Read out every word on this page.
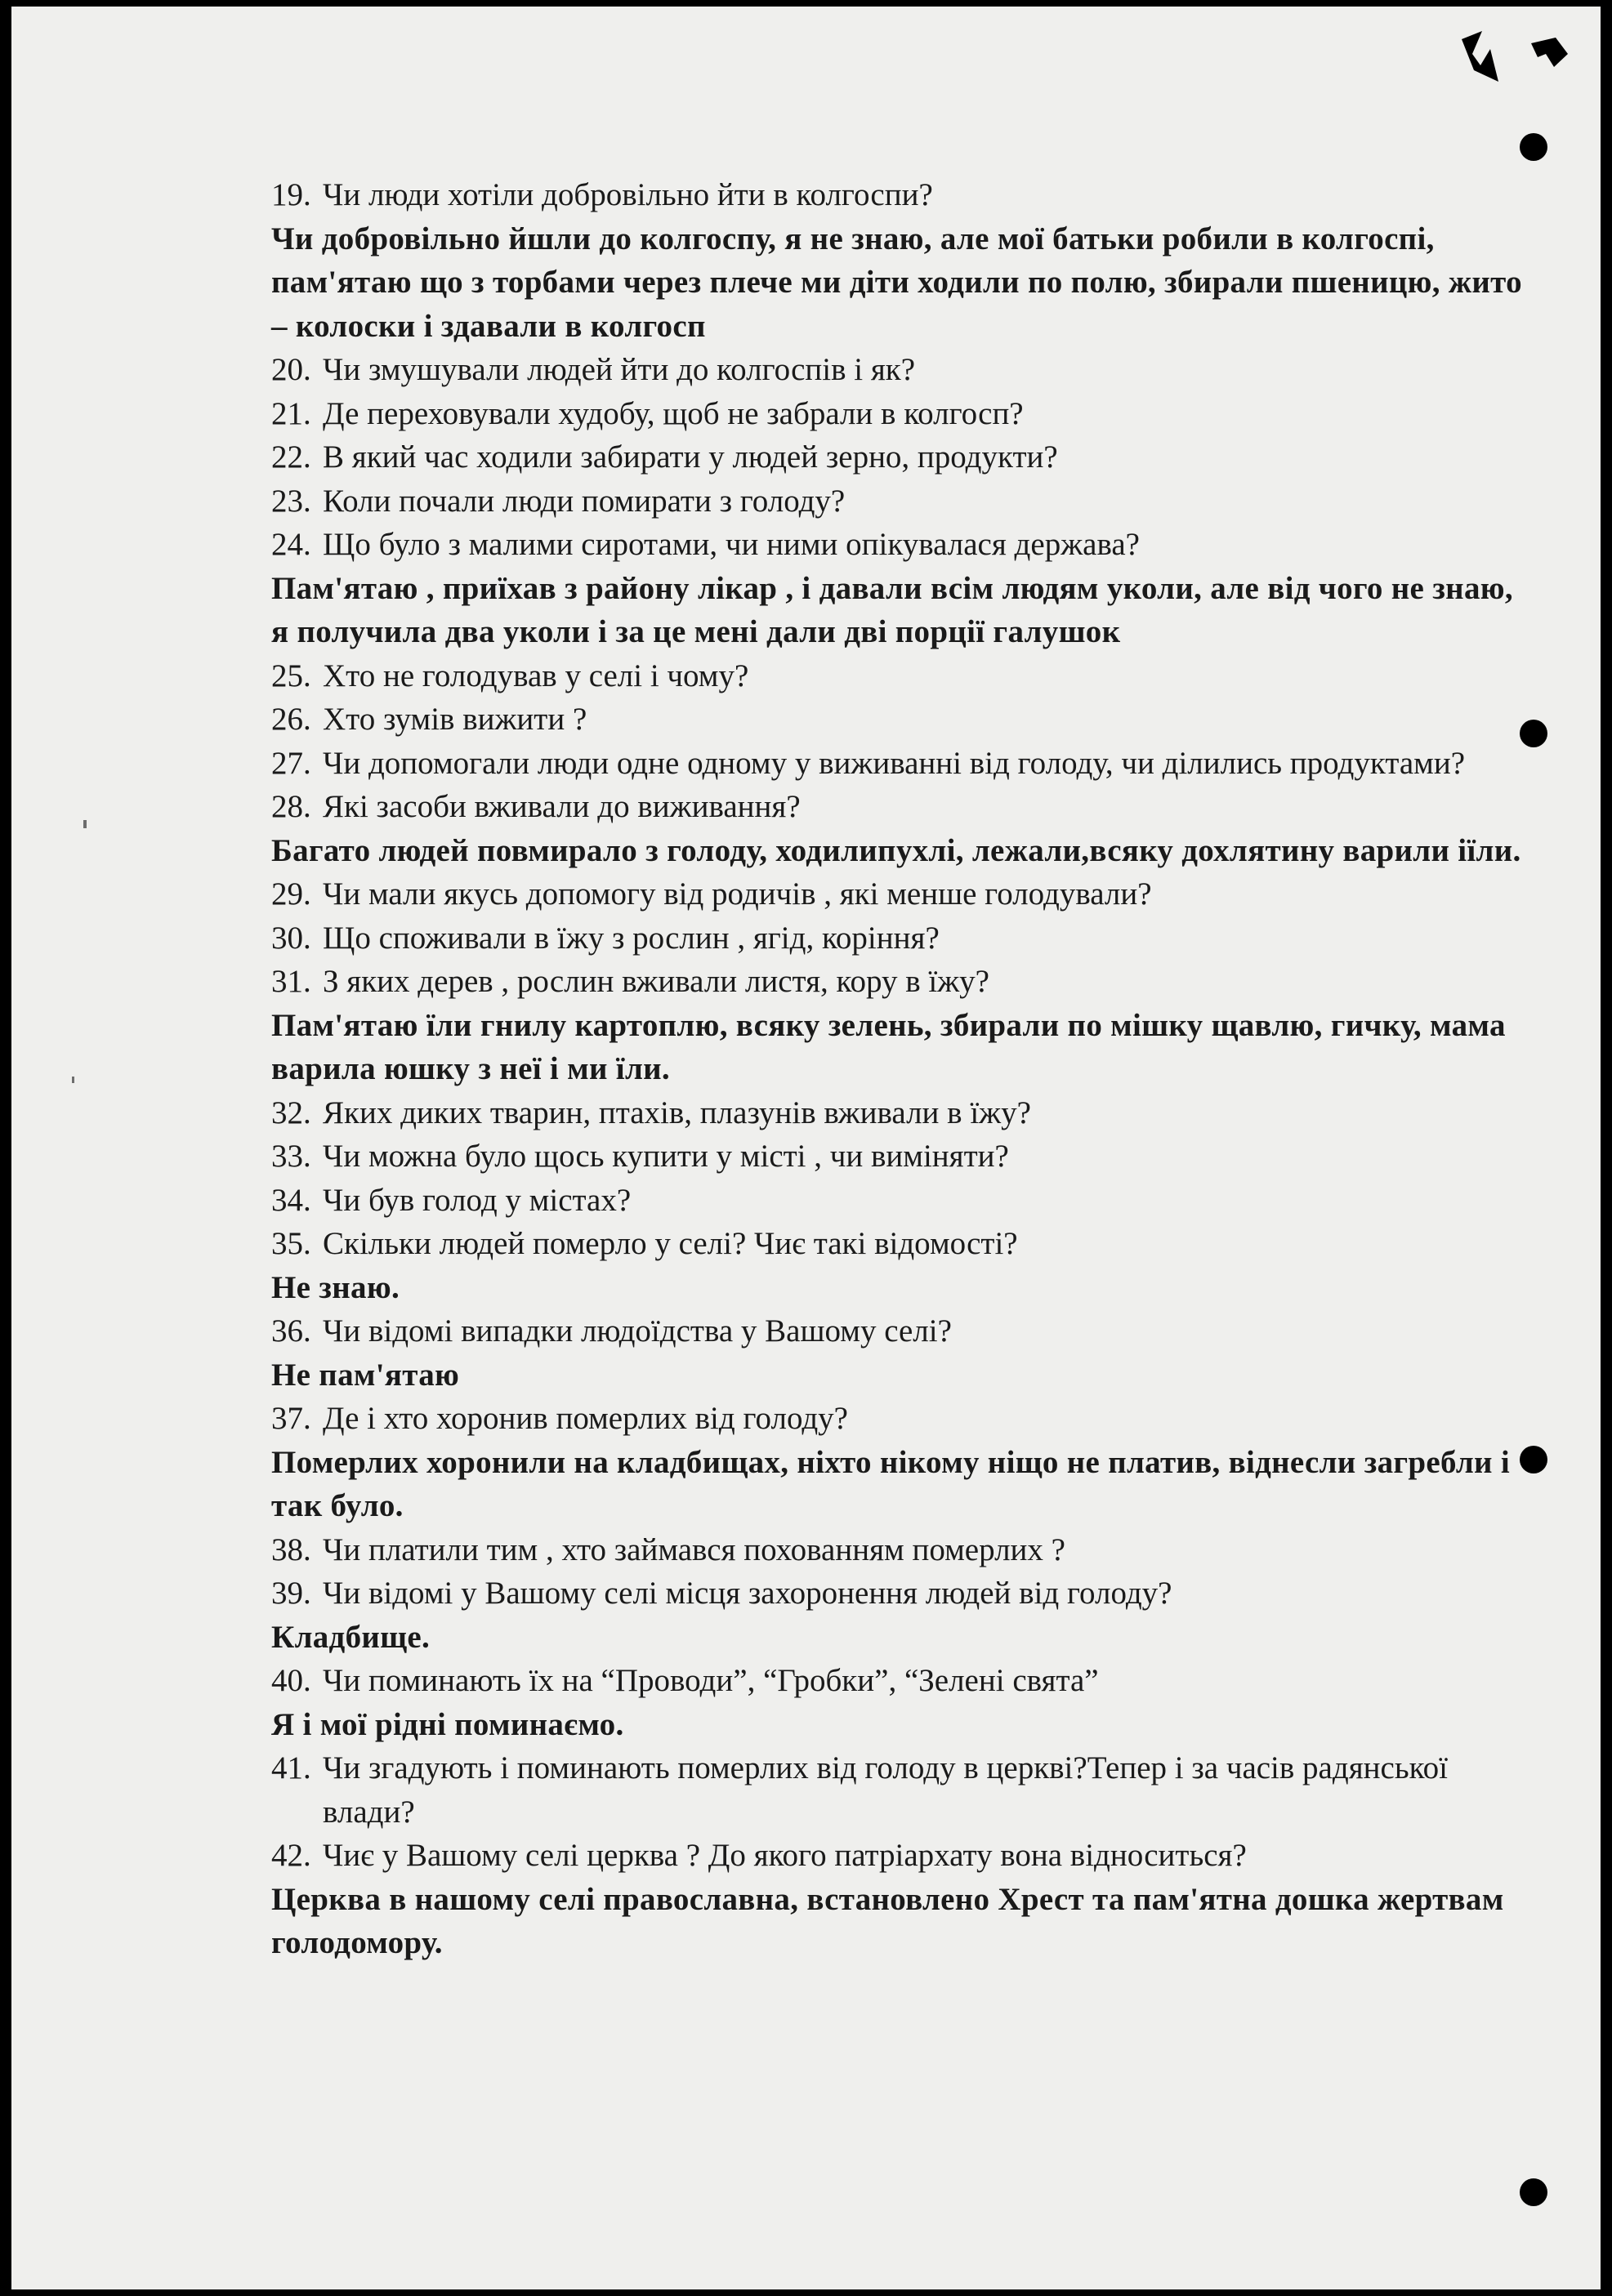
19. Чи люди хотіли добровільно йти в колгоспи?
Чи добровільно йшли до колгоспу, я не знаю, але мої батьки робили в колгоспі, пам'ятаю що з торбами через плече ми діти ходили по полю, збирали пшеницю, жито – колоски і здавали в колгосп
20. Чи змушували людей йти до колгоспів і як?
21. Де переховували худобу, щоб не забрали в колгосп?
22. В який час ходили забирати у людей зерно, продукти?
23. Коли почали люди помирати з голоду?
24. Що було з малими сиротами, чи ними опікувалася держава?
Пам'ятаю , приїхав з району лікар , і давали всім людям уколи, але від чого не знаю, я получила два уколи і за це мені дали дві порції галушок
25. Хто не голодував у селі і чому?
26. Хто зумів вижити ?
27. Чи допомогали люди одне одному у виживанні від голоду, чи ділились продуктами?
28. Які засоби вживали до виживання?
Багато людей повмирало з голоду, ходилипухлі, лежали,всяку дохлятину варили іїли.
29. Чи мали якусь допомогу від родичів , які менше голодували?
30. Що споживали в їжу з рослин , ягід, коріння?
31. З яких дерев , рослин вживали листя, кору в їжу?
Пам'ятаю їли гнилу картоплю, всяку зелень, збирали по мішку щавлю, гичку, мама варила юшку з неї і ми їли.
32. Яких диких тварин, птахів, плазунів вживали в їжу?
33. Чи можна було щось купити у місті , чи виміняти?
34. Чи був голод у містах?
35. Скільки людей померло у селі? Чиє такі відомості?
Не знаю.
36. Чи відомі випадки людоїдства у Вашому селі?
Не пам'ятаю
37. Де і хто хоронив померлих від голоду?
Померлих хоронили на кладбищах, ніхто нікому ніщо не платив, віднесли загребли і так було.
38. Чи платили тим , хто займався похованням померлих ?
39. Чи відомі у Вашому селі місця захоронення людей від голоду?
Кладбище.
40. Чи поминають їх на “Проводи”, “Гробки”, “Зелені свята”
Я і мої рідні поминаємо.
41. Чи згадують і поминають померлих від голоду в церкві?Тепер і за часів радянської влади?
42. Чиє у Вашому селі церква ? До якого патріархату вона відноситься?
Церква в нашому селі православна, встановлено Хрест та пам'ятна дошка жертвам голодомору.
